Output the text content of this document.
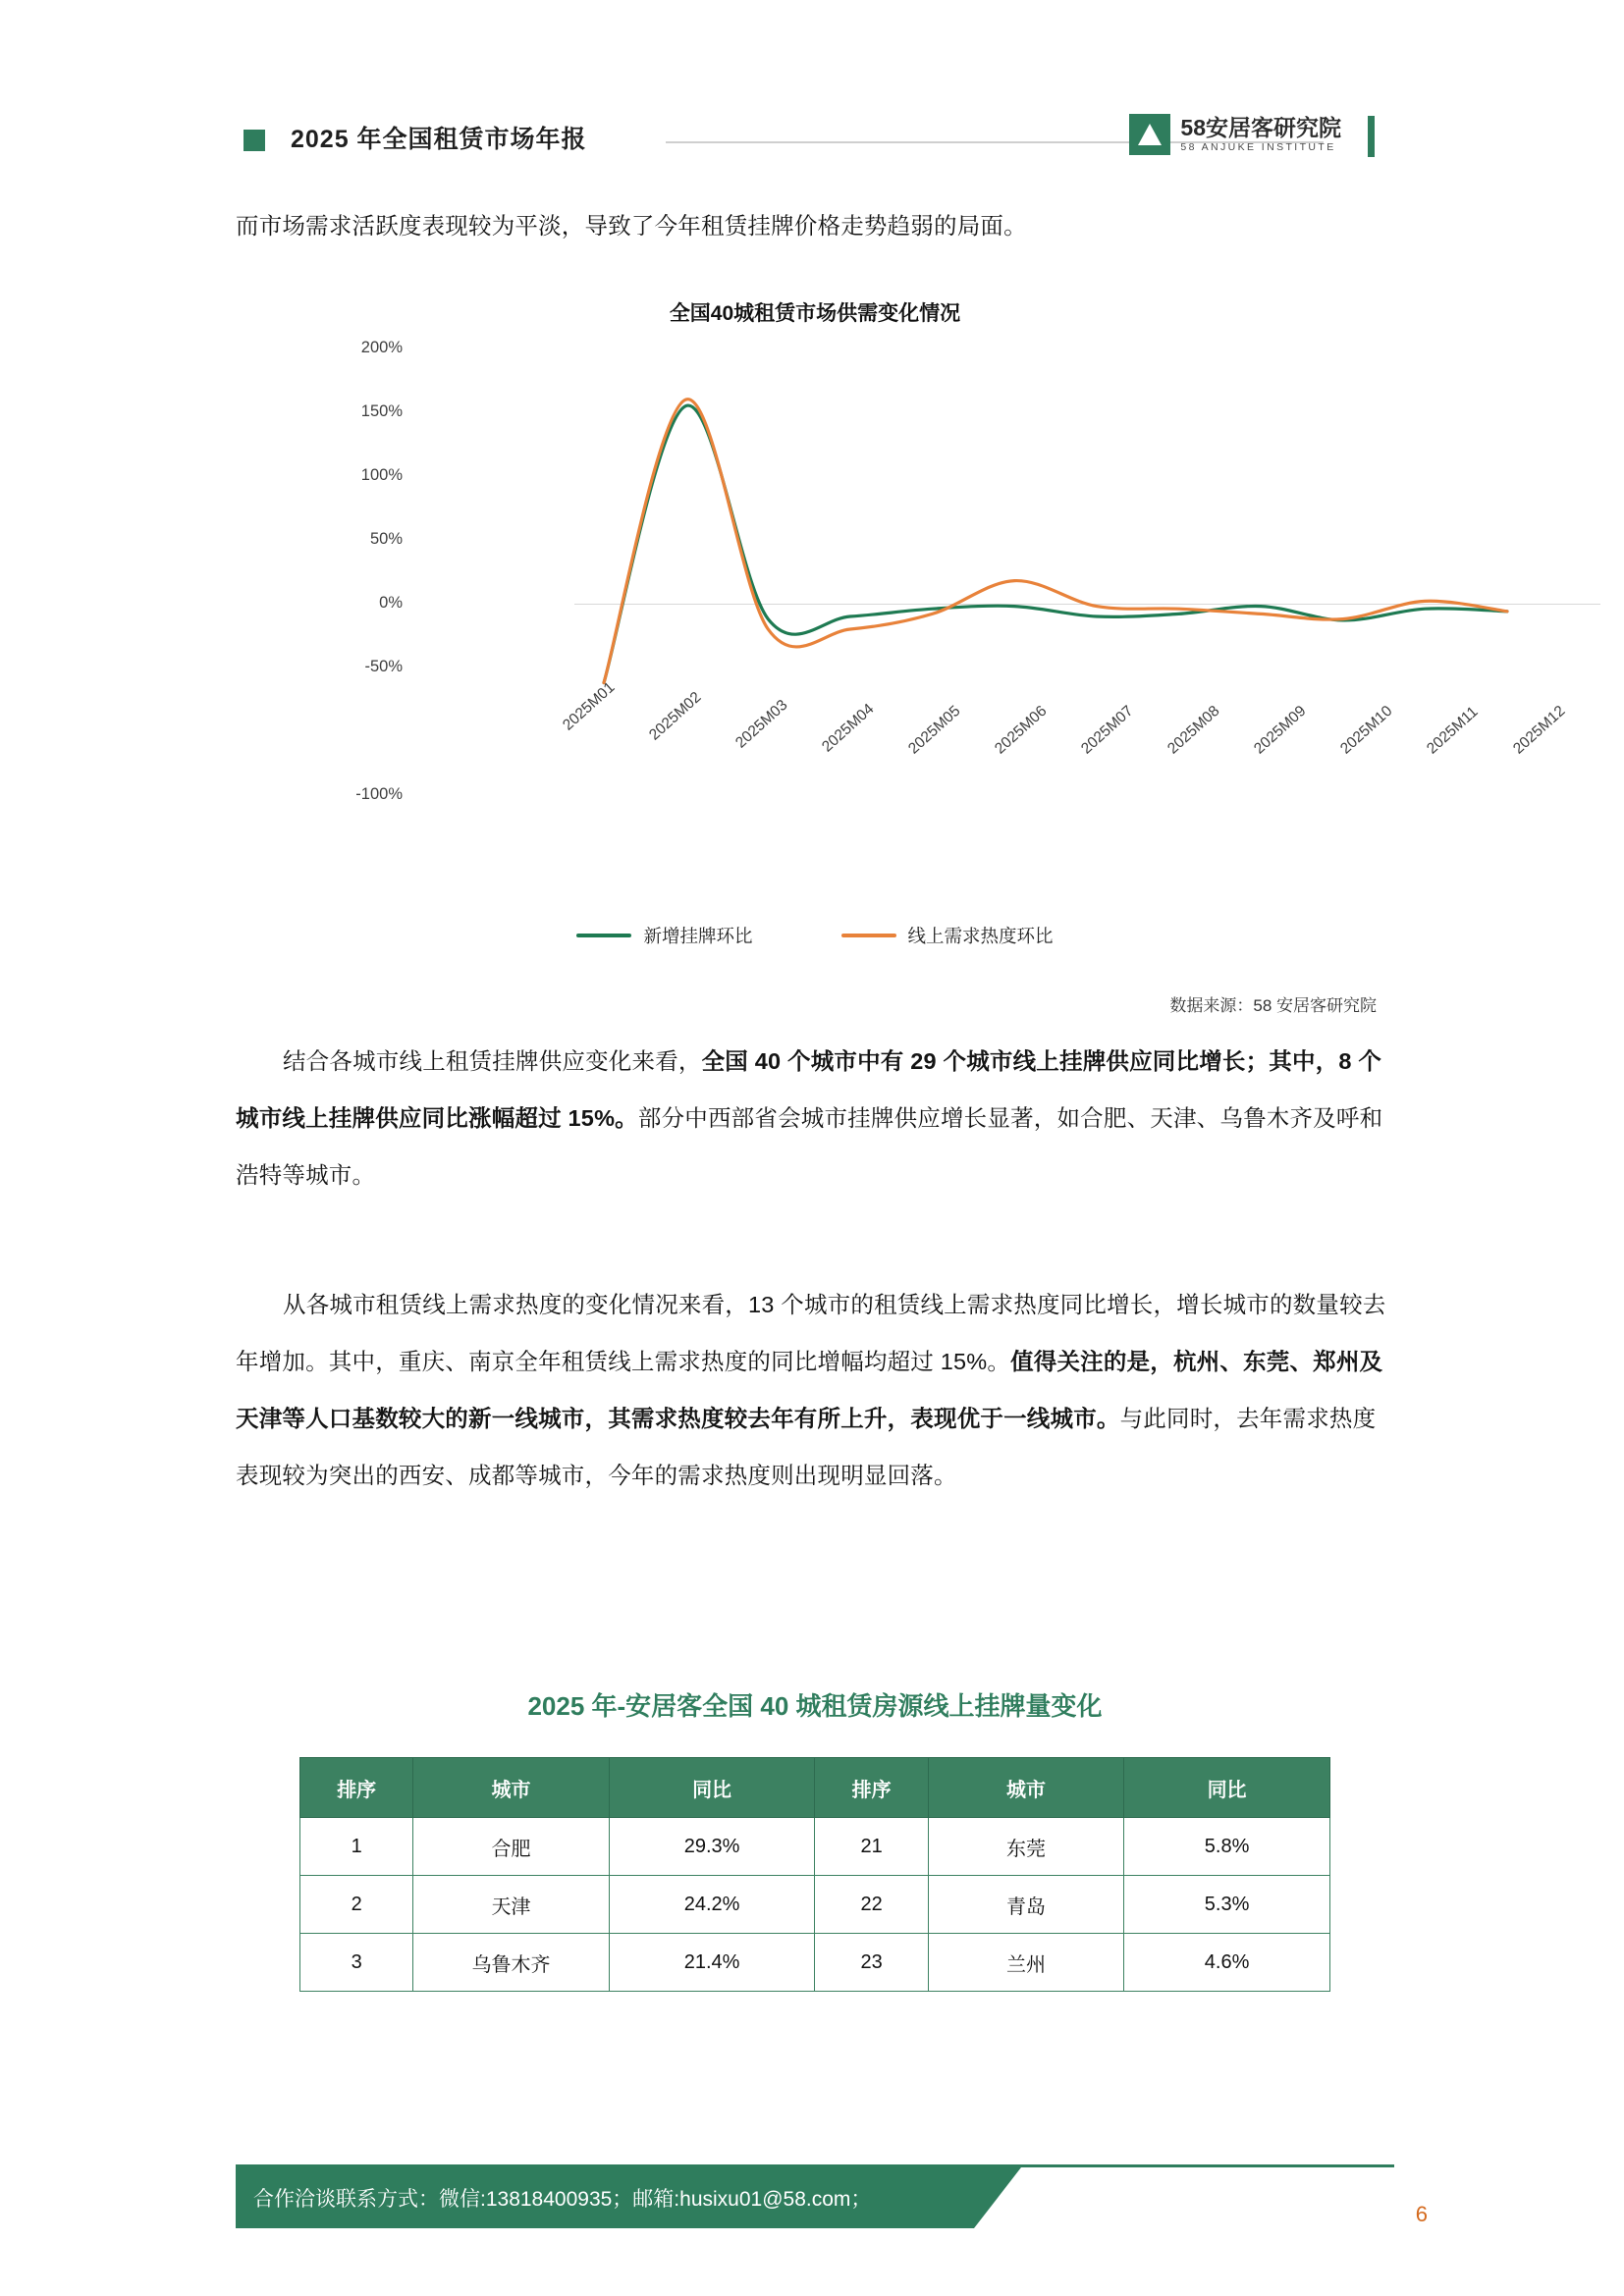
2025 年全国租赁市场年报	58安居客研究院
58 ANJUKE INSTITUTE
而市场需求活跃度表现较为平淡，导致了今年租赁挂牌价格走势趋弱的局面。
全国40城租赁市场供需变化情况
200%
150%
100%
50%
0%
-50%
-100%
2025M01 2025M02 2025M03 2025M04 2025M05 2025M06 2025M07 2025M08 2025M09 2025M10 2025M11 2025M12
新增挂牌环比	线上需求热度环比
数据来源：58 安居客研究院
结合各城市线上租赁挂牌供应变化来看，全国 40 个城市中有 29 个城市线上挂牌供应同比增长；其中，8 个城市线上挂牌供应同比涨幅超过 15%。部分中西部省会城市挂牌供应增长显著，如合肥、天津、乌鲁木齐及呼和浩特等城市。
从各城市租赁线上需求热度的变化情况来看，13 个城市的租赁线上需求热度同比增长，增长城市的数量较去年增加。其中，重庆、南京全年租赁线上需求热度的同比增幅均超过 15%。值得关注的是，杭州、东莞、郑州及天津等人口基数较大的新一线城市，其需求热度较去年有所上升，表现优于一线城市。与此同时，去年需求热度表现较为突出的西安、成都等城市，今年的需求热度则出现明显回落。
2025 年-安居客全国 40 城租赁房源线上挂牌量变化
排序	城市	同比	排序	城市	同比
1	合肥	29.3%	21	东莞	5.8%
2	天津	24.2%	22	青岛	5.3%
3	乌鲁木齐	21.4%	23	兰州	4.6%
合作洽谈联系方式：微信:13818400935；邮箱:husixu01@58.com；
6
